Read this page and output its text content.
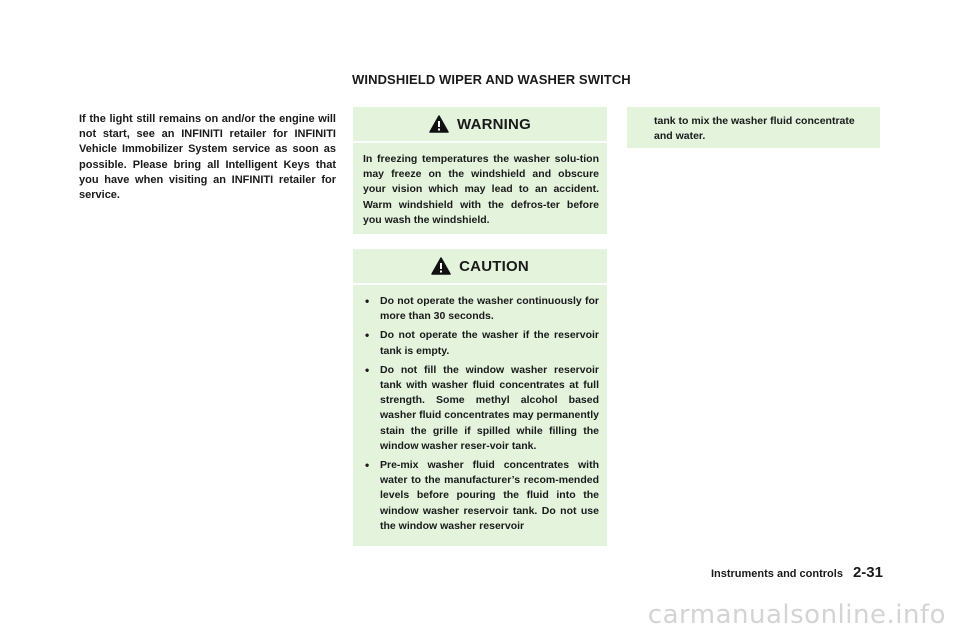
WINDSHIELD WIPER AND WASHER SWITCH
If the light still remains on and/or the engine will not start, see an INFINITI retailer for INFINITI Vehicle Immobilizer System service as soon as possible. Please bring all Intelligent Keys that you have when visiting an INFINITI retailer for service.
WARNING
In freezing temperatures the washer solu-tion may freeze on the windshield and obscure your vision which may lead to an accident. Warm windshield with the defros-ter before you wash the windshield.
CAUTION
• Do not operate the washer continuously for more than 30 seconds.
• Do not operate the washer if the reservoir tank is empty.
• Do not fill the window washer reservoir tank with washer fluid concentrates at full strength. Some methyl alcohol based washer fluid concentrates may permanently stain the grille if spilled while filling the window washer reser-voir tank.
• Pre-mix washer fluid concentrates with water to the manufacturer’s recom-mended levels before pouring the fluid into the window washer reservoir tank. Do not use the window washer reservoir
tank to mix the washer fluid concentrate and water.
Instruments and controls 2-31
carmanualsonline.info
